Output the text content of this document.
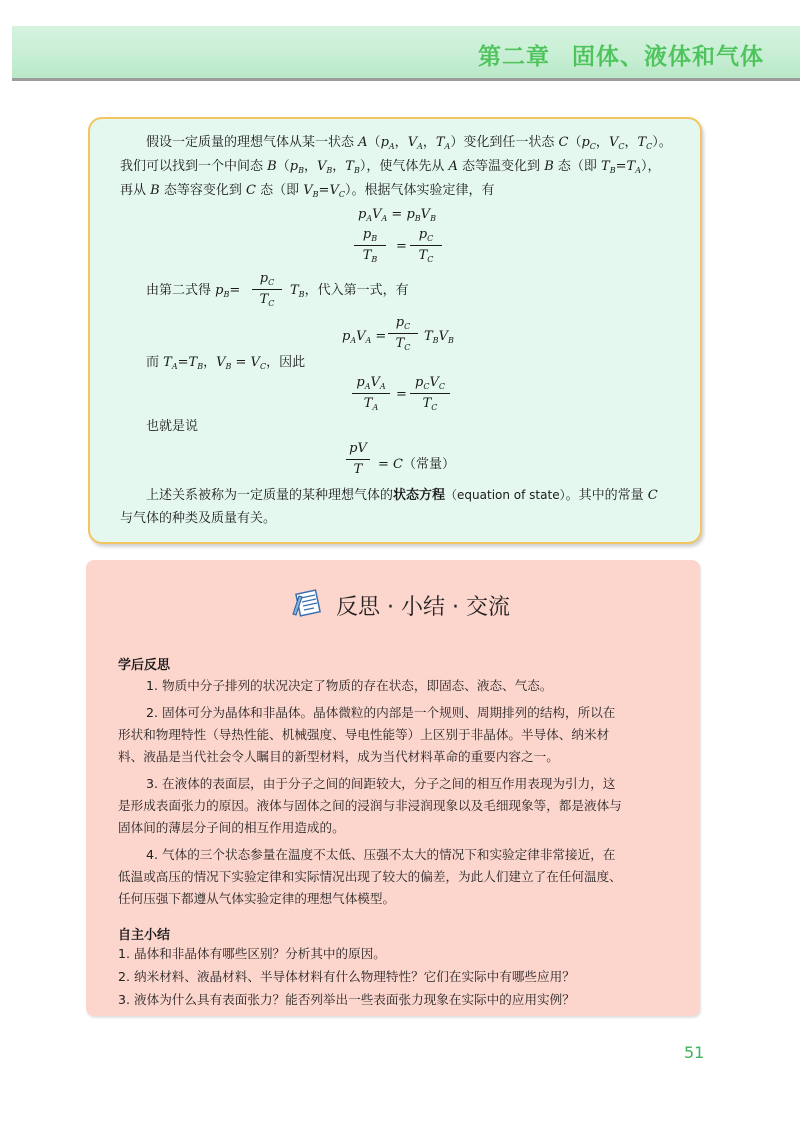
第二章 固体、液体和气体
假设一定质量的理想气体从某一状态 $A(p_A$，$V_A$，$T_A$）变化到任一状态 $C(p_C$，$V_C$，$T_C$）。
我们可以找到一个中间态 $B(p_B$，$V_B$，$T_B$），使气体先从 A 态等温变化到 B 态（即 $T_B=T_A$），
再从 B 态等容变化到 C 态（即 $V_B=V_C$）。根据气体实验定律，有
$p_AV_A = p_BV_B$
$p_B$
$T_B$
=
$p_C$
$T_C$
由第二式得 $p_B=$
$p_C$
$T_C$
$T_B$，代入第一式，有
$p_AV_A$ =
$p_C$
$T_C$
$T_BV_B$
而 $T_A=T_B$，$V_B = V_C$，因此
$p_AV_A$
$T_A$
=
$p_CV_C$
$T_C$
也就是说
pV
T	= C（常量）
上述关系被称为一定质量的某种理想气体的状态方程（equation of state）。其中的常量 C
与气体的种类及质量有关。
反思 · 小结 · 交流
学后反思
1. 物质中分子排列的状况决定了物质的存在状态，即固态、液态、气态。
2. 固体可分为晶体和非晶体。晶体微粒的内部是一个规则、周期排列的结构，所以在
形状和物理特性（导热性能、机械强度、导电性能等）上区别于非晶体。半导体、纳米材
料、液晶是当代社会令人瞩目的新型材料，成为当代材料革命的重要内容之一。
3. 在液体的表面层，由于分子之间的间距较大，分子之间的相互作用表现为引力，这
是形成表面张力的原因。液体与固体之间的浸润与非浸润现象以及毛细现象等，都是液体与
固体间的薄层分子间的相互作用造成的。
4. 气体的三个状态参量在温度不太低、压强不太大的情况下和实验定律非常接近，在
低温或高压的情况下实验定律和实际情况出现了较大的偏差，为此人们建立了在任何温度、
任何压强下都遵从气体实验定律的理想气体模型。
自主小结
1. 晶体和非晶体有哪些区别？分析其中的原因。
2. 纳米材料、液晶材料、半导体材料有什么物理特性？它们在实际中有哪些应用？
3. 液体为什么具有表面张力？能否列举出一些表面张力现象在实际中的应用实例？
51
